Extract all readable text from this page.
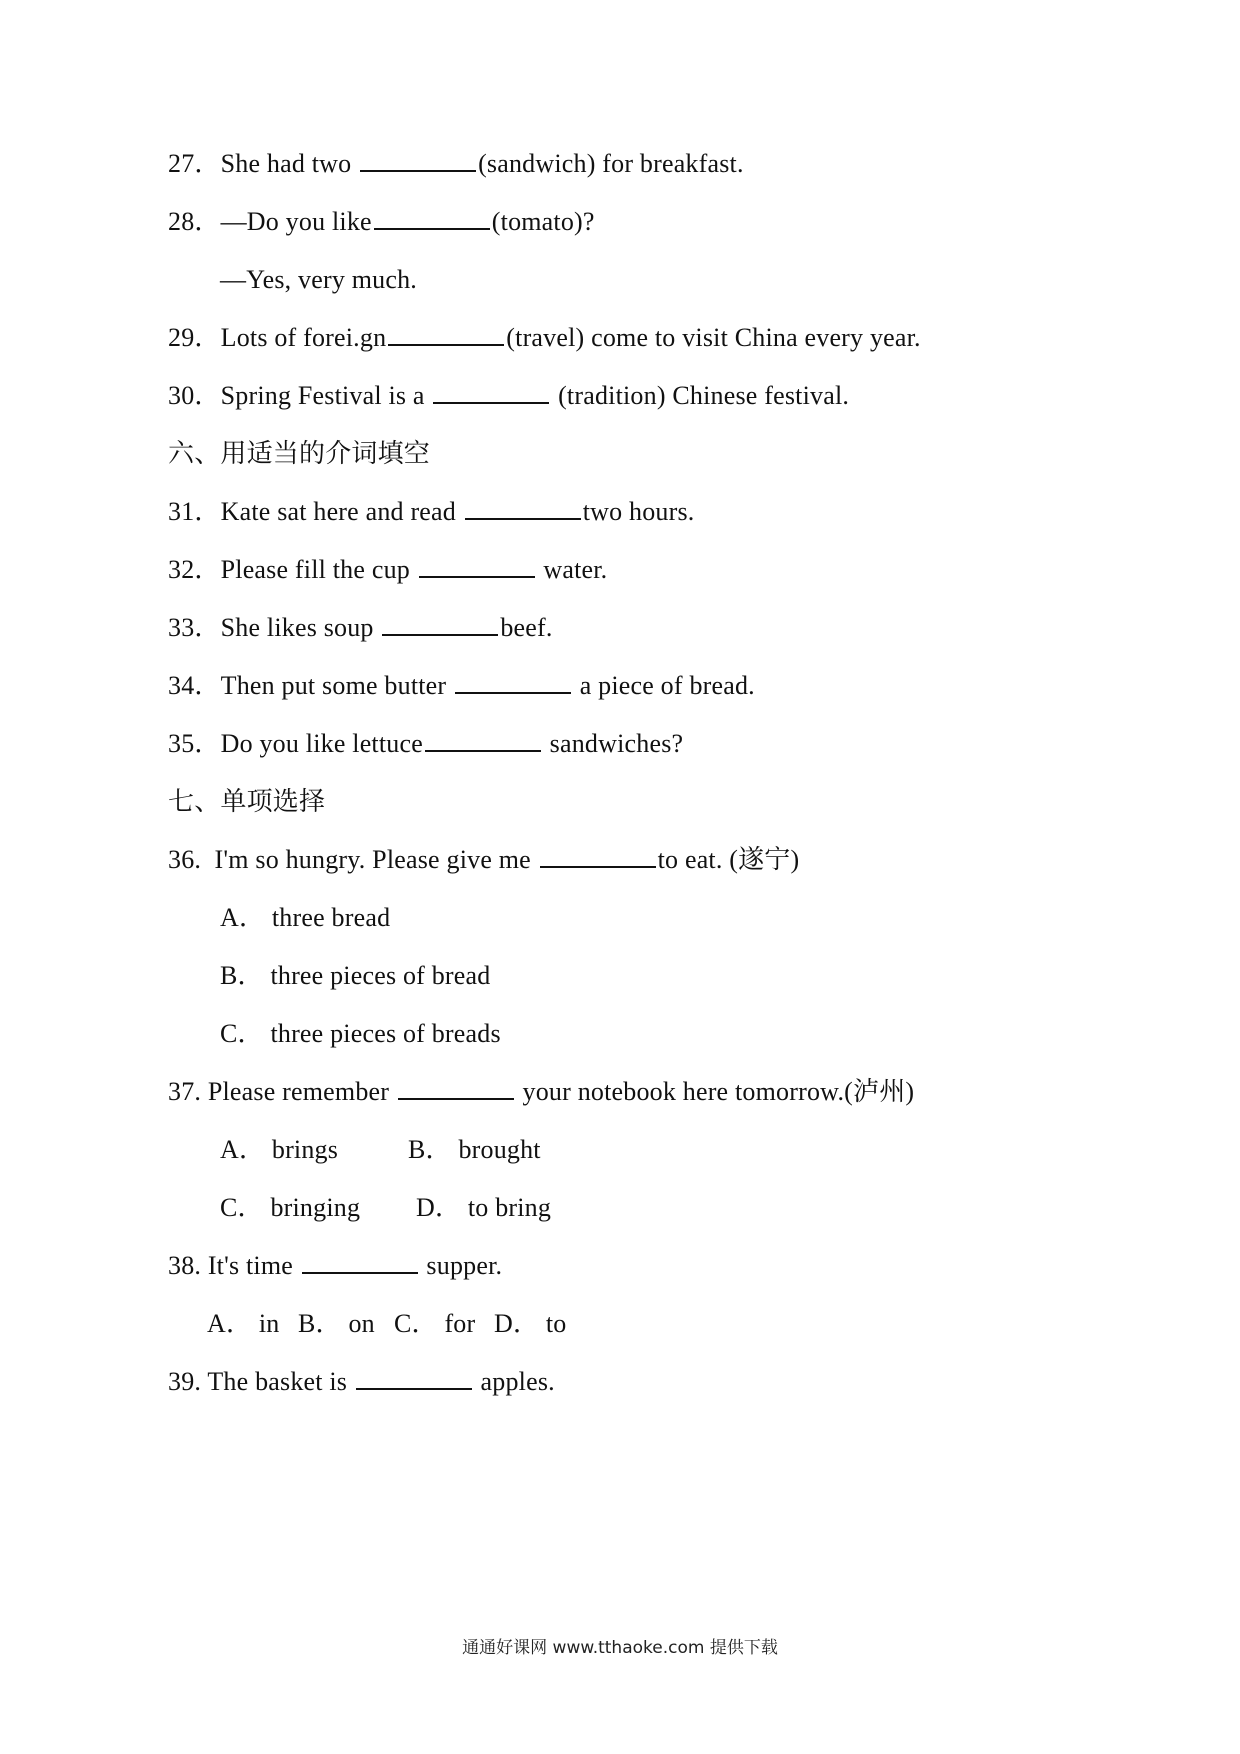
27．She had two	(sandwich) for breakfast.
28．—Do you like	(tomato)?
—Yes, very much.
29．Lots of forei.gn	(travel) come to visit China every year.
30．Spring Festival is a	(tradition) Chinese festival.
六、用适当的介词填空
31．Kate sat here and read	two hours.
32．Please fill the cup	water.
33．She likes soup	beef.
34．Then put some butter	a piece of bread.
35．Do you like lettuce	sandwiches?
七、单项选择
36. I'm so hungry. Please give me	to eat. (遂宁)
A． three bread
B． three pieces of bread
C． three pieces of breads
37. Please remember	your notebook here tomorrow.(泸州)
A． brings	B． brought
C． bringing D． to bring
38. It's time	supper.
A． in B． on C． for D． to
39. The basket is	apples.
通通好课网 www.tthaoke.com 提供下载
